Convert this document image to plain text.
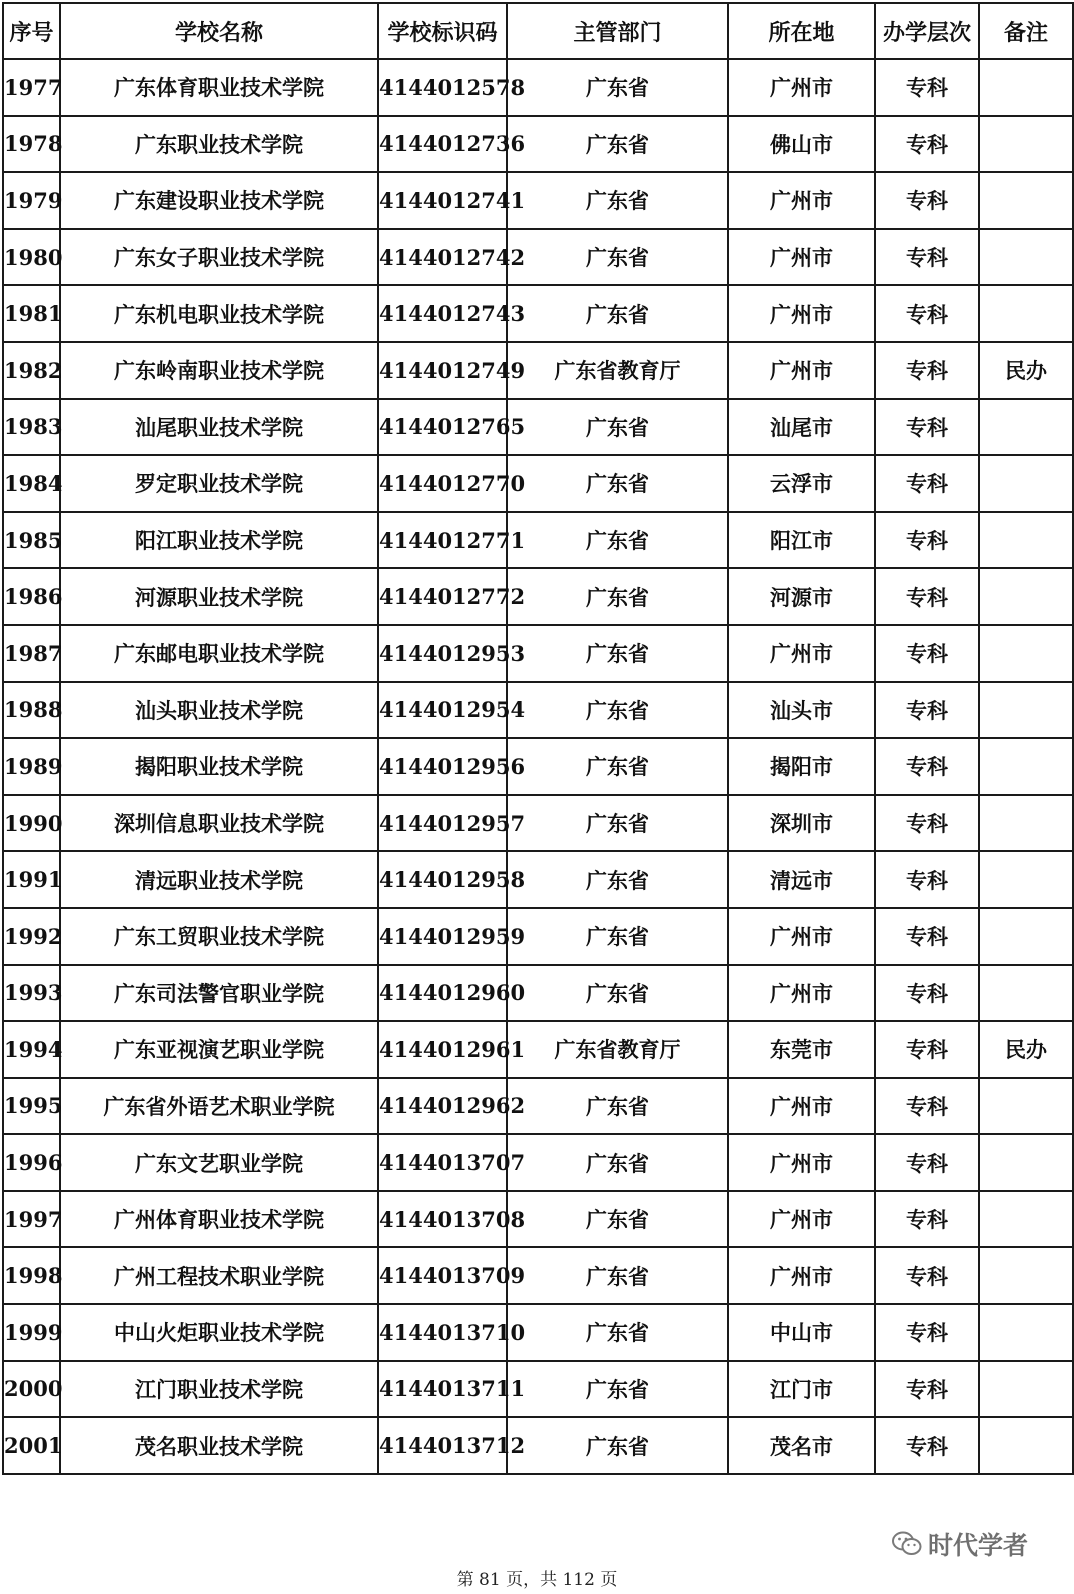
序号	学校名称	学校标识码	主管部门	所在地	办学层次	备注
1977	广东体育职业技术学院	4144012578	广东省	广州市	专科	
1978	广东职业技术学院	4144012736	广东省	佛山市	专科	
1979	广东建设职业技术学院	4144012741	广东省	广州市	专科	
1980	广东女子职业技术学院	4144012742	广东省	广州市	专科	
1981	广东机电职业技术学院	4144012743	广东省	广州市	专科	
1982	广东岭南职业技术学院	4144012749	广东省教育厅	广州市	专科	民办
1983	汕尾职业技术学院	4144012765	广东省	汕尾市	专科	
1984	罗定职业技术学院	4144012770	广东省	云浮市	专科	
1985	阳江职业技术学院	4144012771	广东省	阳江市	专科	
1986	河源职业技术学院	4144012772	广东省	河源市	专科	
1987	广东邮电职业技术学院	4144012953	广东省	广州市	专科	
1988	汕头职业技术学院	4144012954	广东省	汕头市	专科	
1989	揭阳职业技术学院	4144012956	广东省	揭阳市	专科	
1990	深圳信息职业技术学院	4144012957	广东省	深圳市	专科	
1991	清远职业技术学院	4144012958	广东省	清远市	专科	
1992	广东工贸职业技术学院	4144012959	广东省	广州市	专科	
1993	广东司法警官职业学院	4144012960	广东省	广州市	专科	
1994	广东亚视演艺职业学院	4144012961	广东省教育厅	东莞市	专科	民办
1995	广东省外语艺术职业学院	4144012962	广东省	广州市	专科	
1996	广东文艺职业学院	4144013707	广东省	广州市	专科	
1997	广州体育职业技术学院	4144013708	广东省	广州市	专科	
1998	广州工程技术职业学院	4144013709	广东省	广州市	专科	
1999	中山火炬职业技术学院	4144013710	广东省	中山市	专科	
2000	江门职业技术学院	4144013711	广东省	江门市	专科	
2001	茂名职业技术学院	4144013712	广东省	茂名市	专科	
时代学者
第 81 页，共 112 页
